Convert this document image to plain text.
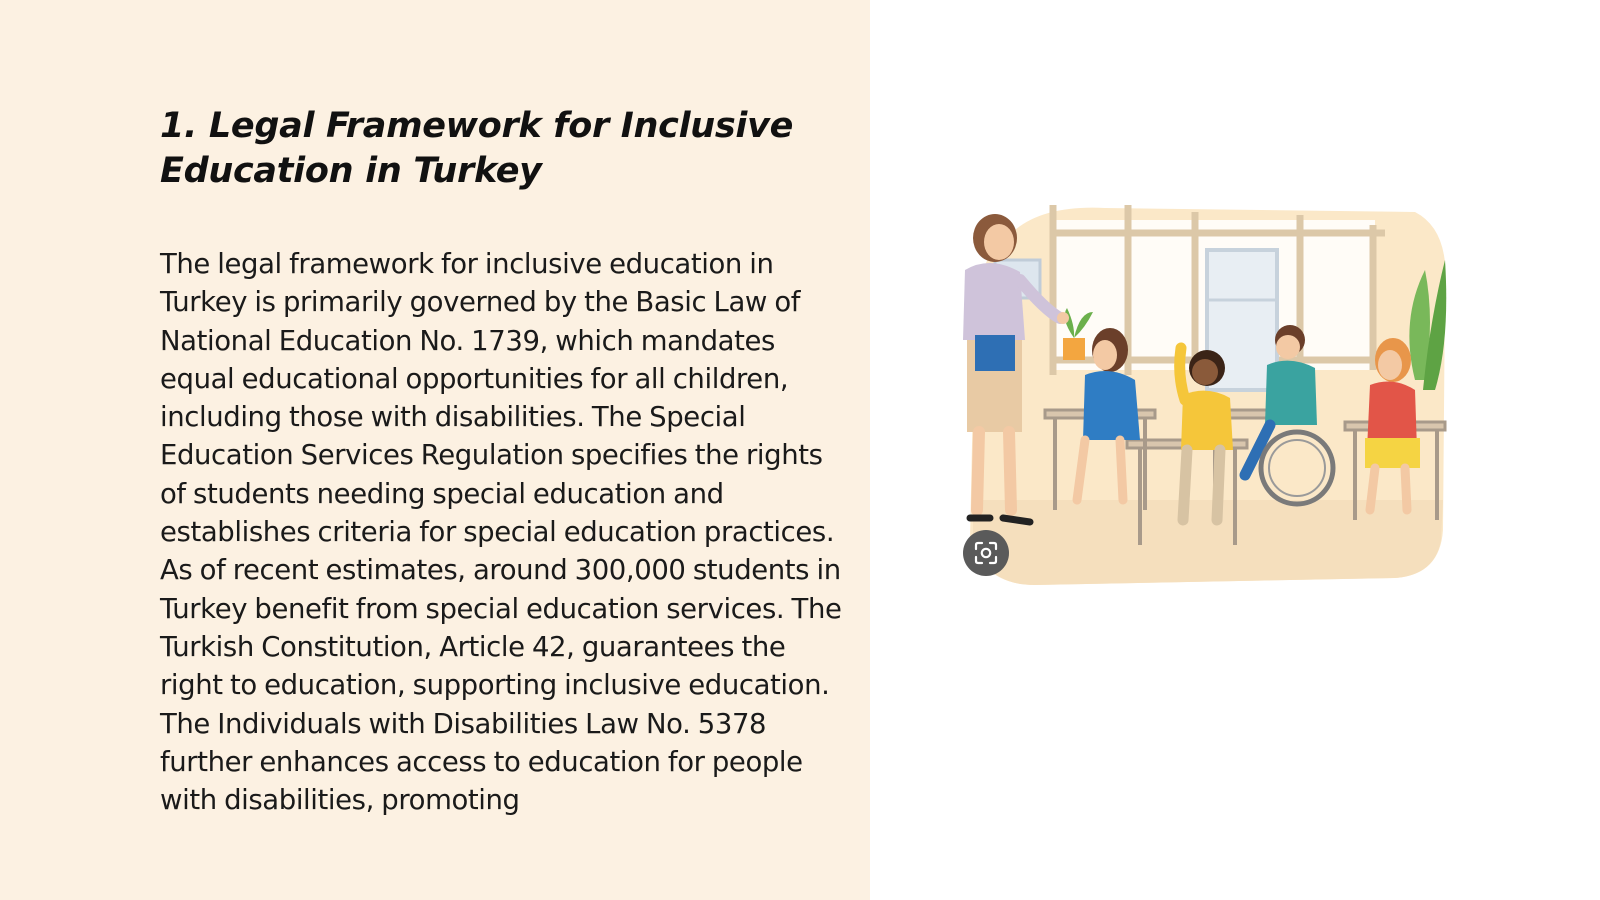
1. Legal Framework for Inclusive Education in Turkey

The legal framework for inclusive education in Turkey is primarily governed by the Basic Law of National Education No. 1739, which mandates equal educational opportunities for all children, including those with disabilities. The Special Education Services Regulation specifies the rights of students needing special education and establishes criteria for special education practices. As of recent estimates, around 300,000 students in Turkey benefit from special education services. The Turkish Constitution, Article 42, guarantees the right to education, supporting inclusive education. The Individuals with Disabilities Law No. 5378 further enhances access to education for people with disabilities, promoting
